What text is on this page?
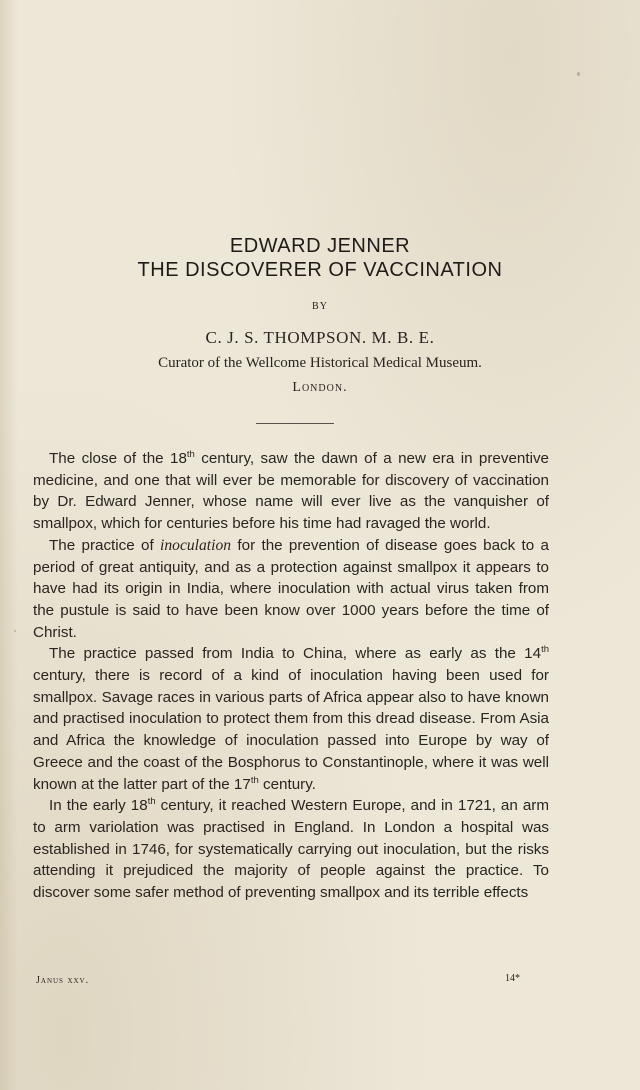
EDWARD JENNER
THE DISCOVERER OF VACCINATION
BY
C. J. S. THOMPSON. M. B. E.
Curator of the Wellcome Historical Medical Museum.
London.

The close of the 18th century, saw the dawn of a new era in preventive medicine, and one that will ever be memorable for discovery of vaccination by Dr. Edward Jenner, whose name will ever live as the vanquisher of smallpox, which for centuries before his time had ravaged the world.

The practice of inoculation for the prevention of disease goes back to a period of great antiquity, and as a protection against smallpox it appears to have had its origin in India, where inoculation with actual virus taken from the pustule is said to have been know over 1000 years before the time of Christ.

The practice passed from India to China, where as early as the 14th century, there is record of a kind of inoculation having been used for smallpox. Savage races in various parts of Africa appear also to have known and practised inoculation to protect them from this dread disease. From Asia and Africa the knowledge of inoculation passed into Europe by way of Greece and the coast of the Bosphorus to Constantinople, where it was well known at the latter part of the 17th century.

In the early 18th century, it reached Western Europe, and in 1721, an arm to arm variolation was practised in England. In London a hospital was established in 1746, for systematically carrying out inoculation, but the risks attending it prejudiced the majority of people against the practice. To discover some safer method of preventing smallpox and its terrible effects

Janus xxv.	14*
